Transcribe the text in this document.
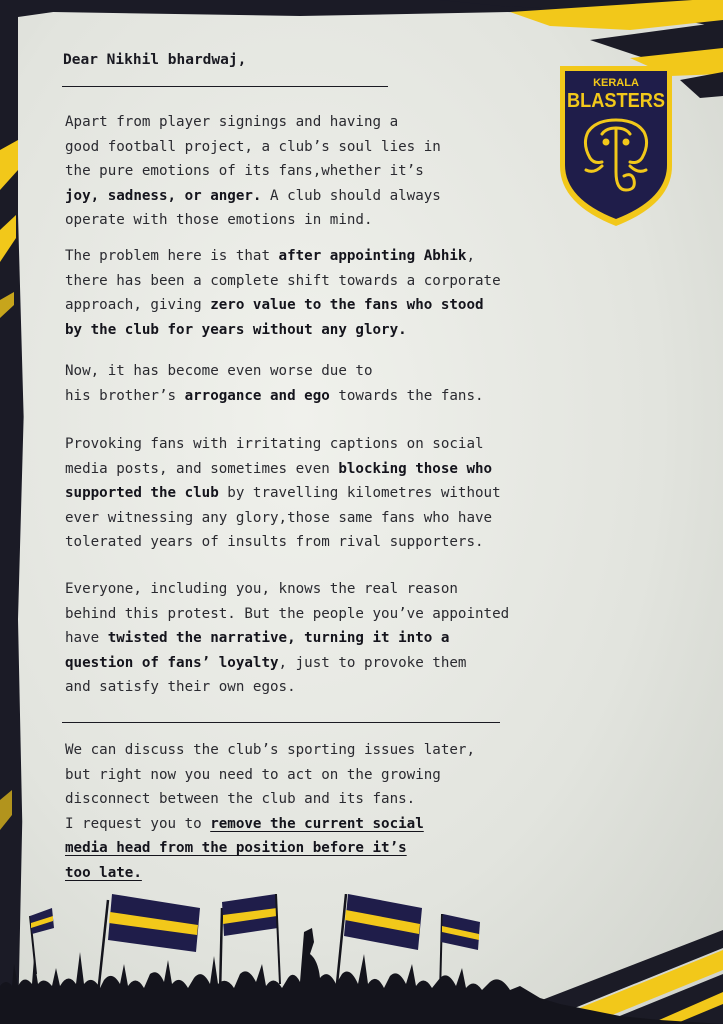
Dear Nikhil bhardwaj,

Apart from player signings and having a
good football project, a club’s soul lies in
the pure emotions of its fans,whether it’s
joy, sadness, or anger. A club should always
operate with those emotions in mind.

The problem here is that after appointing Abhik,
there has been a complete shift towards a corporate
approach, giving zero value to the fans who stood
by the club for years without any glory.

Now, it has become even worse due to
his brother’s arrogance and ego towards the fans.

Provoking fans with irritating captions on social
media posts, and sometimes even blocking those who
supported the club by travelling kilometres without
ever witnessing any glory,those same fans who have
tolerated years of insults from rival supporters.

Everyone, including you, knows the real reason
behind this protest. But the people you’ve appointed
have twisted the narrative, turning it into a
question of fans’ loyalty, just to provoke them
and satisfy their own egos.

We can discuss the club’s sporting issues later,
but right now you need to act on the growing
disconnect between the club and its fans.
I request you to remove the current social
media head from the position before it’s
too late.

KERALA
BLASTERS
